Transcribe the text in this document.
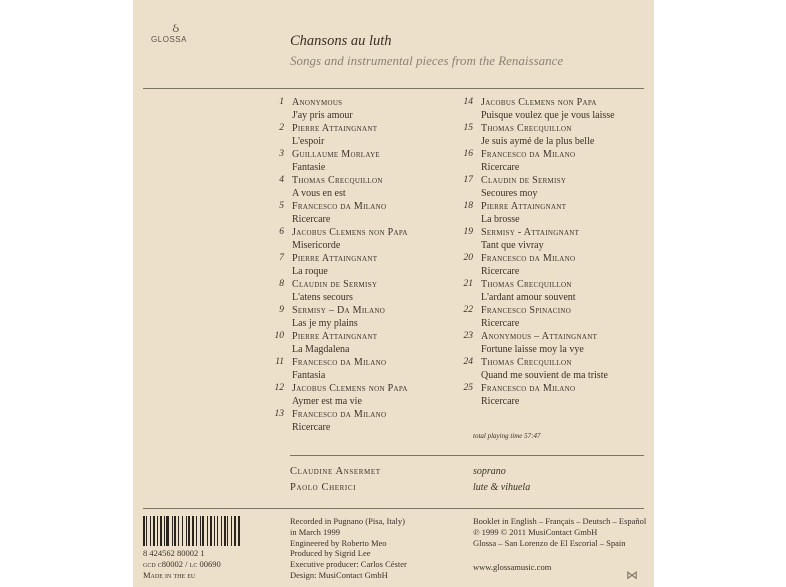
ઠ
GLOSSA	Chansons au luth
Songs and instrumental pieces from the Renaissance
1 Anonymous
J'ay pris amour
2 Pierre Attaingnant
L'espoir
3 Guillaume Morlaye
Fantasie
4 Thomas Crecquillon
A vous en est
5 Francesco da Milano
Ricercare
6 Jacobus Clemens non Papa
Misericorde
7 Pierre Attaingnant
La roque
8 Claudin de Sermisy
L'atens secours
9 Sermisy – Da Milano
Las je my plains
10 Pierre Attaingnant
La Magdalena
11 Francesco da Milano
Fantasia
12 Jacobus Clemens non Papa
Aymer est ma vie
13 Francesco da Milano
Ricercare
14 Jacobus Clemens non Papa
Puisque voulez que je vous laisse
15 Thomas Crecquillon
Je suis aymé de la plus belle
16 Francesco da Milano
Ricercare
17 Claudin de Sermisy
Secoures moy
18 Pierre Attaingnant
La brosse
19 Sermisy - Attaingnant
Tant que vivray
20 Francesco da Milano
Ricercare
21 Thomas Crecquillon
L'ardant amour souvent
22 Francesco Spinacino
Ricercare
23 Anonymous – Attaingnant
Fortune laisse moy la vye
24 Thomas Crecquillon
Quand me souvient de ma triste
25 Francesco da Milano
Ricercare
total playing time 57:47
Claudine Ansermet	soprano
Paolo Cherici	lute & vihuela
8 424562 80002 1
gcd c80002 / lc 00690
Made in the eu
Recorded in Pugnano (Pisa, Italy)
in March 1999
Engineered by Roberto Meo
Produced by Sigrid Lee
Executive producer: Carlos Céster
Design: MusiContact GmbH
Booklet in English – Français – Deutsch – Español
℗ 1999 © 2011 MusiContact GmbH
Glossa – San Lorenzo de El Escorial – Spain
www.glossamusic.com
⋈
